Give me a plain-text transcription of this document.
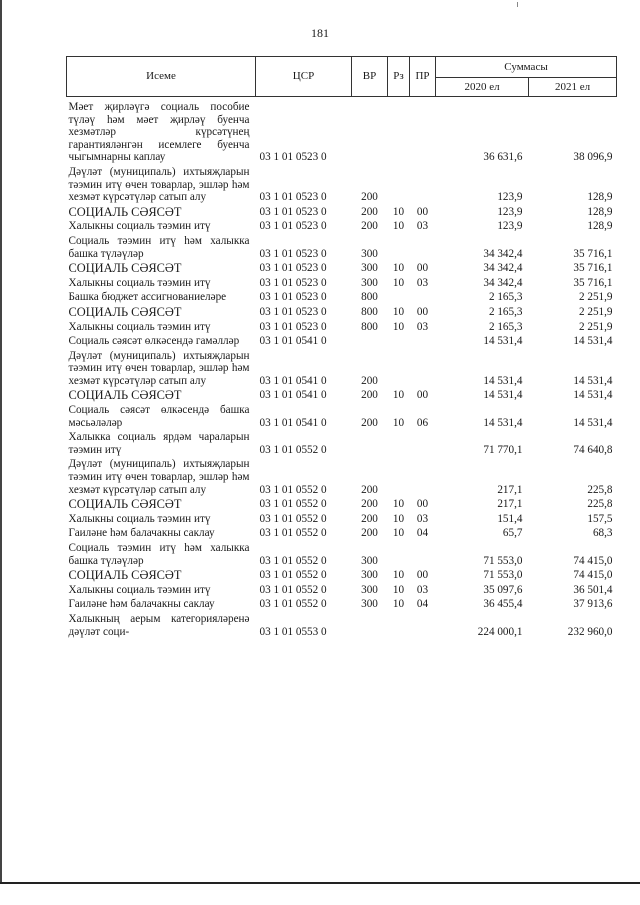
181
Исеме	ЦСР	ВР	Рз	ПР	Суммасы	
					2020 ел	2021 ел

Мәет җирләүгә социаль пособие түләү һәм мәет җирләү буенча хезмәтләр күрсәтүнең гарантияләнгән исемлеге буенча чыгымнарны каплау	03 1 01 0523 0				36 631,6	38 096,9
Дәүләт (муниципаль) ихтыяҗларын тәэмин итү өчен товарлар, эшләр һәм хезмәт күрсәтүләр сатып алу	03 1 01 0523 0	200			123,9	128,9
СОЦИАЛЬ СӘЯСӘТ	03 1 01 0523 0	200	10	00	123,9	128,9
Халыкны социаль тәэмин итү	03 1 01 0523 0	200	10	03	123,9	128,9
Социаль тәэмин итү һәм халыкка башка түләүләр	03 1 01 0523 0	300			34 342,4	35 716,1
СОЦИАЛЬ СӘЯСӘТ	03 1 01 0523 0	300	10	00	34 342,4	35 716,1
Халыкны социаль тәэмин итү	03 1 01 0523 0	300	10	03	34 342,4	35 716,1
Башка бюджет ассигнованиеләре	03 1 01 0523 0	800			2 165,3	2 251,9
СОЦИАЛЬ СӘЯСӘТ	03 1 01 0523 0	800	10	00	2 165,3	2 251,9
Халыкны социаль тәэмин итү	03 1 01 0523 0	800	10	03	2 165,3	2 251,9
Социаль сәясәт өлкәсендә гамәлләр	03 1 01 0541 0				14 531,4	14 531,4
Дәүләт (муниципаль) ихтыяҗларын тәэмин итү өчен товарлар, эшләр һәм хезмәт күрсәтүләр сатып алу	03 1 01 0541 0	200			14 531,4	14 531,4
СОЦИАЛЬ СӘЯСӘТ	03 1 01 0541 0	200	10	00	14 531,4	14 531,4
Социаль сәясәт өлкәсендә башка мәсьәләләр	03 1 01 0541 0	200	10	06	14 531,4	14 531,4
Халыкка социаль ярдәм чараларын тәэмин итү	03 1 01 0552 0				71 770,1	74 640,8
Дәүләт (муниципаль) ихтыяҗларын тәэмин итү өчен товарлар, эшләр һәм хезмәт күрсәтүләр сатып алу	03 1 01 0552 0	200			217,1	225,8
СОЦИАЛЬ СӘЯСӘТ	03 1 01 0552 0	200	10	00	217,1	225,8
Халыкны социаль тәэмин итү	03 1 01 0552 0	200	10	03	151,4	157,5
Гаиләне һәм балачакны саклау	03 1 01 0552 0	200	10	04	65,7	68,3
Социаль тәэмин итү һәм халыкка башка түләүләр	03 1 01 0552 0	300			71 553,0	74 415,0
СОЦИАЛЬ СӘЯСӘТ	03 1 01 0552 0	300	10	00	71 553,0	74 415,0
Халыкны социаль тәэмин итү	03 1 01 0552 0	300	10	03	35 097,6	36 501,4
Гаиләне һәм балачакны саклау	03 1 01 0552 0	300	10	04	36 455,4	37 913,6
Халыкның аерым категорияләренә дәүләт соци-	03 1 01 0553 0				224 000,1	232 960,0
